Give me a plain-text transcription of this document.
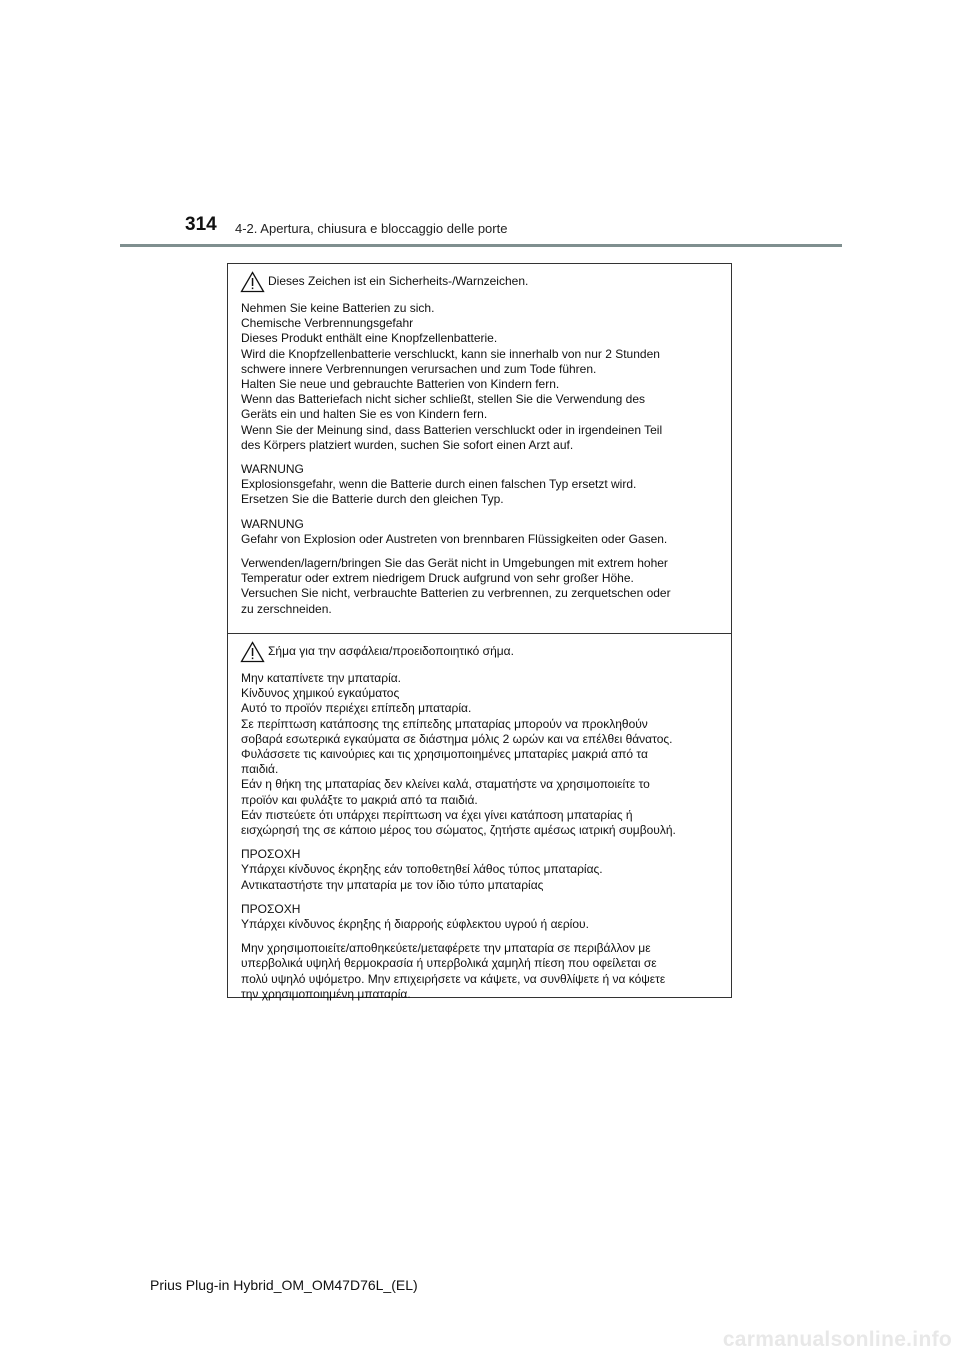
314 4-2. Apertura, chiusura e bloccaggio delle porte
Dieses Zeichen ist ein Sicherheits-/Warnzeichen.
Nehmen Sie keine Batterien zu sich.
Chemische Verbrennungsgefahr
Dieses Produkt enthält eine Knopfzellenbatterie.
Wird die Knopfzellenbatterie verschluckt, kann sie innerhalb von nur 2 Stunden
schwere innere Verbrennungen verursachen und zum Tode führen.
Halten Sie neue und gebrauchte Batterien von Kindern fern.
Wenn das Batteriefach nicht sicher schließt, stellen Sie die Verwendung des
Geräts ein und halten Sie es von Kindern fern.
Wenn Sie der Meinung sind, dass Batterien verschluckt oder in irgendeinen Teil
des Körpers platziert wurden, suchen Sie sofort einen Arzt auf.
WARNUNG
Explosionsgefahr, wenn die Batterie durch einen falschen Typ ersetzt wird.
Ersetzen Sie die Batterie durch den gleichen Typ.
WARNUNG
Gefahr von Explosion oder Austreten von brennbaren Flüssigkeiten oder Gasen.
Verwenden/lagern/bringen Sie das Gerät nicht in Umgebungen mit extrem hoher
Temperatur oder extrem niedrigem Druck aufgrund von sehr großer Höhe.
Versuchen Sie nicht, verbrauchte Batterien zu verbrennen, zu zerquetschen oder
zu zerschneiden.
Σήμα για την ασφάλεια/προειδοποιητικό σήμα.
Μην καταπίνετε την μπαταρία.
Κίνδυνος χημικού εγκαύματος
Αυτό το προϊόν περιέχει επίπεδη μπαταρία.
Σε περίπτωση κατάποσης της επίπεδης μπαταρίας μπορούν να προκληθούν
σοβαρά εσωτερικά εγκαύματα σε διάστημα μόλις 2 ωρών και να επέλθει θάνατος.
Φυλάσσετε τις καινούριες και τις χρησιμοποιημένες μπαταρίες μακριά από τα
παιδιά.
Εάν η θήκη της μπαταρίας δεν κλείνει καλά, σταματήστε να χρησιμοποιείτε το
προϊόν και φυλάξτε το μακριά από τα παιδιά.
Εάν πιστεύετε ότι υπάρχει περίπτωση να έχει γίνει κατάποση μπαταρίας ή
εισχώρησή της σε κάποιο μέρος του σώματος, ζητήστε αμέσως ιατρική συμβουλή.
ΠΡΟΣΟΧΗ
Υπάρχει κίνδυνος έκρηξης εάν τοποθετηθεί λάθος τύπος μπαταρίας.
Αντικαταστήστε την μπαταρία με τον ίδιο τύπο μπαταρίας
ΠΡΟΣΟΧΗ
Υπάρχει κίνδυνος έκρηξης ή διαρροής εύφλεκτου υγρού ή αερίου.
Μην χρησιμοποιείτε/αποθηκεύετε/μεταφέρετε την μπαταρία σε περιβάλλον με
υπερβολικά υψηλή θερμοκρασία ή υπερβολικά χαμηλή πίεση που οφείλεται σε
πολύ υψηλό υψόμετρο. Μην επιχειρήσετε να κάψετε, να συνθλίψετε ή να κόψετε
την χρησιμοποιημένη μπαταρία.
Prius Plug-in Hybrid_OM_OM47D76L_(EL)
carmanualsonline.info
